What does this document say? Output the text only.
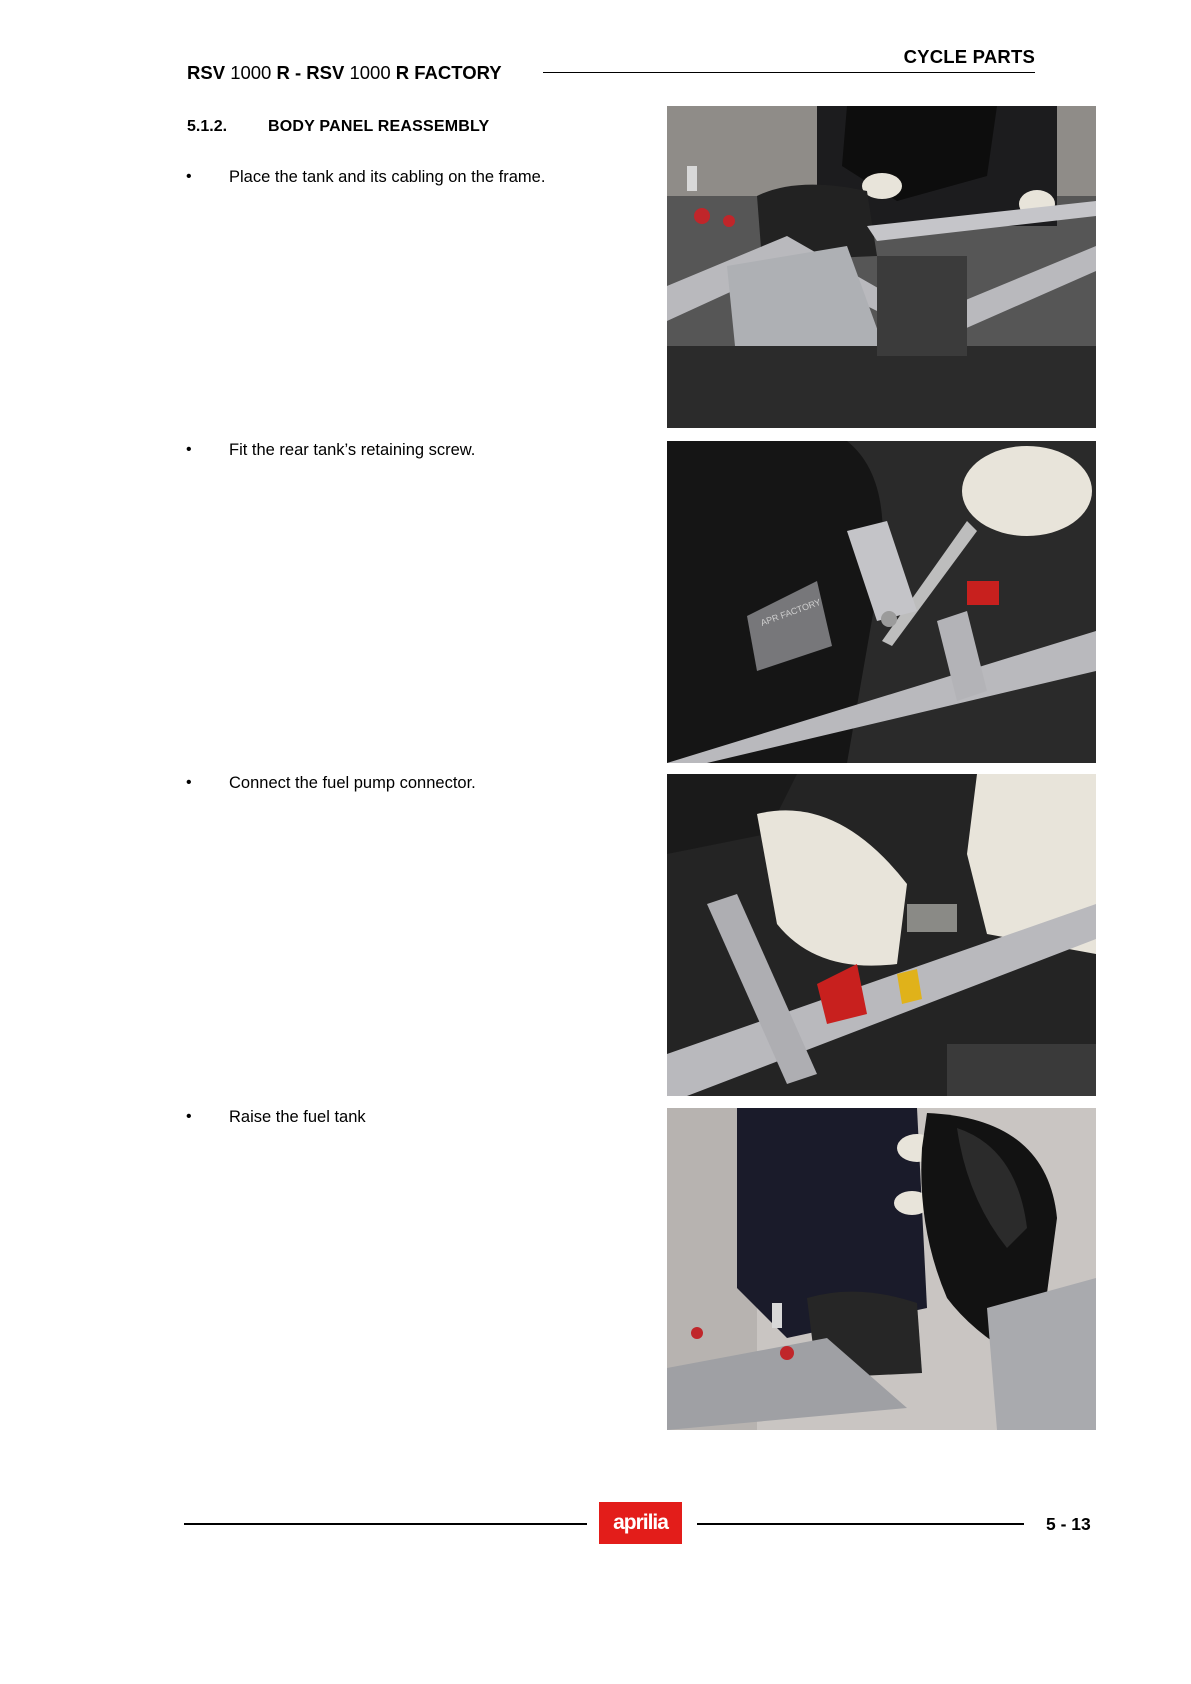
RSV 1000 R - RSV 1000 R FACTORY
CYCLE PARTS
5.1.2.	BODY PANEL REASSEMBLY
• Place the tank and its cabling on the frame.
• Fit the rear tank’s retaining screw.
• Connect the fuel pump connector.
• Raise the fuel tank
APR FACTORY
aprilia	5 - 13
